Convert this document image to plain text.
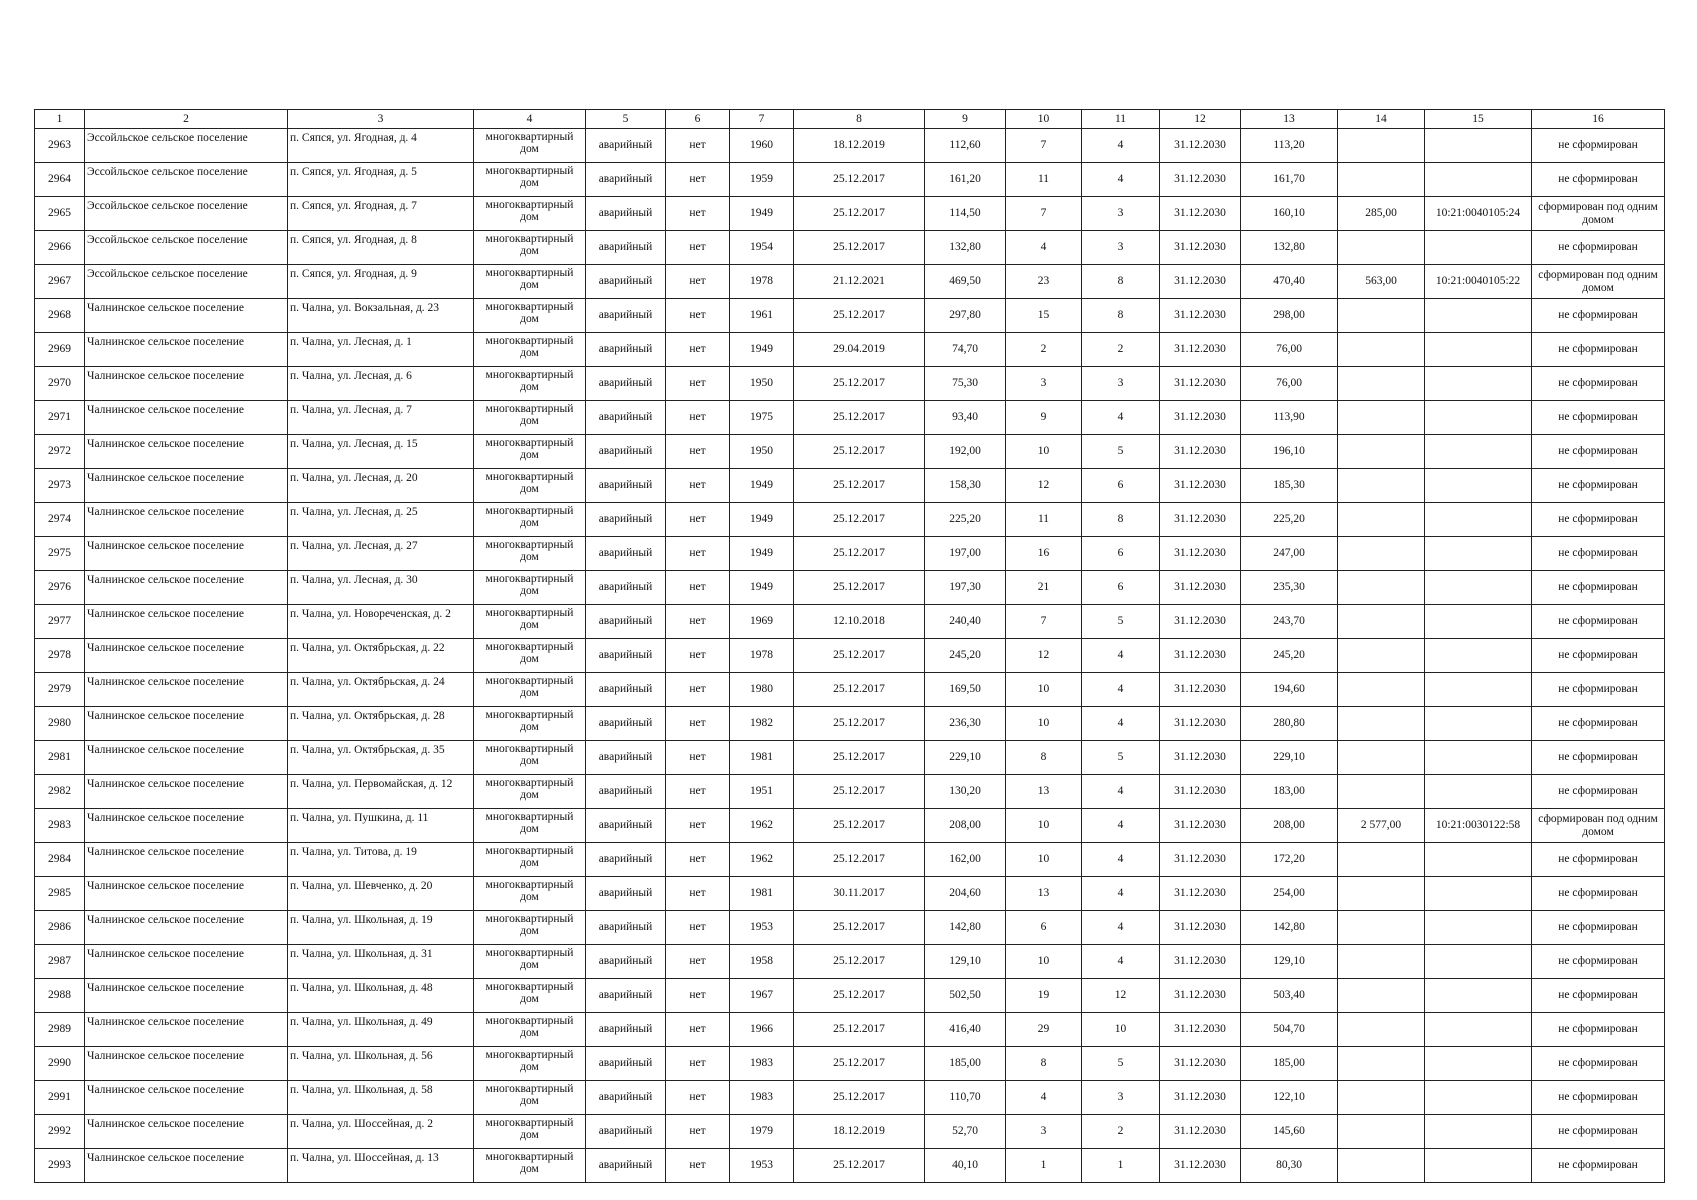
1	2	3	4	5	6	7	8	9	10	11	12	13	14	15	16
2963	Эссойльское сельское поселение	п. Сяпся, ул. Ягодная, д. 4	многоквартирный дом	аварийный	нет	1960	18.12.2019	112,60	7	4	31.12.2030	113,20			не сформирован
2964	Эссойльское сельское поселение	п. Сяпся, ул. Ягодная, д. 5	многоквартирный дом	аварийный	нет	1959	25.12.2017	161,20	11	4	31.12.2030	161,70			не сформирован
2965	Эссойльское сельское поселение	п. Сяпся, ул. Ягодная, д. 7	многоквартирный дом	аварийный	нет	1949	25.12.2017	114,50	7	3	31.12.2030	160,10	285,00	10:21:0040105:24	сформирован под одним домом
2966	Эссойльское сельское поселение	п. Сяпся, ул. Ягодная, д. 8	многоквартирный дом	аварийный	нет	1954	25.12.2017	132,80	4	3	31.12.2030	132,80			не сформирован
2967	Эссойльское сельское поселение	п. Сяпся, ул. Ягодная, д. 9	многоквартирный дом	аварийный	нет	1978	21.12.2021	469,50	23	8	31.12.2030	470,40	563,00	10:21:0040105:22	сформирован под одним домом
2968	Чалнинское сельское поселение	п. Чална, ул. Вокзальная, д. 23	многоквартирный дом	аварийный	нет	1961	25.12.2017	297,80	15	8	31.12.2030	298,00			не сформирован
2969	Чалнинское сельское поселение	п. Чална, ул. Лесная, д. 1	многоквартирный дом	аварийный	нет	1949	29.04.2019	74,70	2	2	31.12.2030	76,00			не сформирован
2970	Чалнинское сельское поселение	п. Чална, ул. Лесная, д. 6	многоквартирный дом	аварийный	нет	1950	25.12.2017	75,30	3	3	31.12.2030	76,00			не сформирован
2971	Чалнинское сельское поселение	п. Чална, ул. Лесная, д. 7	многоквартирный дом	аварийный	нет	1975	25.12.2017	93,40	9	4	31.12.2030	113,90			не сформирован
2972	Чалнинское сельское поселение	п. Чална, ул. Лесная, д. 15	многоквартирный дом	аварийный	нет	1950	25.12.2017	192,00	10	5	31.12.2030	196,10			не сформирован
2973	Чалнинское сельское поселение	п. Чална, ул. Лесная, д. 20	многоквартирный дом	аварийный	нет	1949	25.12.2017	158,30	12	6	31.12.2030	185,30			не сформирован
2974	Чалнинское сельское поселение	п. Чална, ул. Лесная, д. 25	многоквартирный дом	аварийный	нет	1949	25.12.2017	225,20	11	8	31.12.2030	225,20			не сформирован
2975	Чалнинское сельское поселение	п. Чална, ул. Лесная, д. 27	многоквартирный дом	аварийный	нет	1949	25.12.2017	197,00	16	6	31.12.2030	247,00			не сформирован
2976	Чалнинское сельское поселение	п. Чална, ул. Лесная, д. 30	многоквартирный дом	аварийный	нет	1949	25.12.2017	197,30	21	6	31.12.2030	235,30			не сформирован
2977	Чалнинское сельское поселение	п. Чална, ул. Новореченская, д. 2	многоквартирный дом	аварийный	нет	1969	12.10.2018	240,40	7	5	31.12.2030	243,70			не сформирован
2978	Чалнинское сельское поселение	п. Чална, ул. Октябрьская, д. 22	многоквартирный дом	аварийный	нет	1978	25.12.2017	245,20	12	4	31.12.2030	245,20			не сформирован
2979	Чалнинское сельское поселение	п. Чална, ул. Октябрьская, д. 24	многоквартирный дом	аварийный	нет	1980	25.12.2017	169,50	10	4	31.12.2030	194,60			не сформирован
2980	Чалнинское сельское поселение	п. Чална, ул. Октябрьская, д. 28	многоквартирный дом	аварийный	нет	1982	25.12.2017	236,30	10	4	31.12.2030	280,80			не сформирован
2981	Чалнинское сельское поселение	п. Чална, ул. Октябрьская, д. 35	многоквартирный дом	аварийный	нет	1981	25.12.2017	229,10	8	5	31.12.2030	229,10			не сформирован
2982	Чалнинское сельское поселение	п. Чална, ул. Первомайская, д. 12	многоквартирный дом	аварийный	нет	1951	25.12.2017	130,20	13	4	31.12.2030	183,00			не сформирован
2983	Чалнинское сельское поселение	п. Чална, ул. Пушкина, д. 11	многоквартирный дом	аварийный	нет	1962	25.12.2017	208,00	10	4	31.12.2030	208,00	2 577,00	10:21:0030122:58	сформирован под одним домом
2984	Чалнинское сельское поселение	п. Чална, ул. Титова, д. 19	многоквартирный дом	аварийный	нет	1962	25.12.2017	162,00	10	4	31.12.2030	172,20			не сформирован
2985	Чалнинское сельское поселение	п. Чална, ул. Шевченко, д. 20	многоквартирный дом	аварийный	нет	1981	30.11.2017	204,60	13	4	31.12.2030	254,00			не сформирован
2986	Чалнинское сельское поселение	п. Чална, ул. Школьная, д. 19	многоквартирный дом	аварийный	нет	1953	25.12.2017	142,80	6	4	31.12.2030	142,80			не сформирован
2987	Чалнинское сельское поселение	п. Чална, ул. Школьная, д. 31	многоквартирный дом	аварийный	нет	1958	25.12.2017	129,10	10	4	31.12.2030	129,10			не сформирован
2988	Чалнинское сельское поселение	п. Чална, ул. Школьная, д. 48	многоквартирный дом	аварийный	нет	1967	25.12.2017	502,50	19	12	31.12.2030	503,40			не сформирован
2989	Чалнинское сельское поселение	п. Чална, ул. Школьная, д. 49	многоквартирный дом	аварийный	нет	1966	25.12.2017	416,40	29	10	31.12.2030	504,70			не сформирован
2990	Чалнинское сельское поселение	п. Чална, ул. Школьная, д. 56	многоквартирный дом	аварийный	нет	1983	25.12.2017	185,00	8	5	31.12.2030	185,00			не сформирован
2991	Чалнинское сельское поселение	п. Чална, ул. Школьная, д. 58	многоквартирный дом	аварийный	нет	1983	25.12.2017	110,70	4	3	31.12.2030	122,10			не сформирован
2992	Чалнинское сельское поселение	п. Чална, ул. Шоссейная, д. 2	многоквартирный дом	аварийный	нет	1979	18.12.2019	52,70	3	2	31.12.2030	145,60			не сформирован
2993	Чалнинское сельское поселение	п. Чална, ул. Шоссейная, д. 13	многоквартирный дом	аварийный	нет	1953	25.12.2017	40,10	1	1	31.12.2030	80,30			не сформирован
